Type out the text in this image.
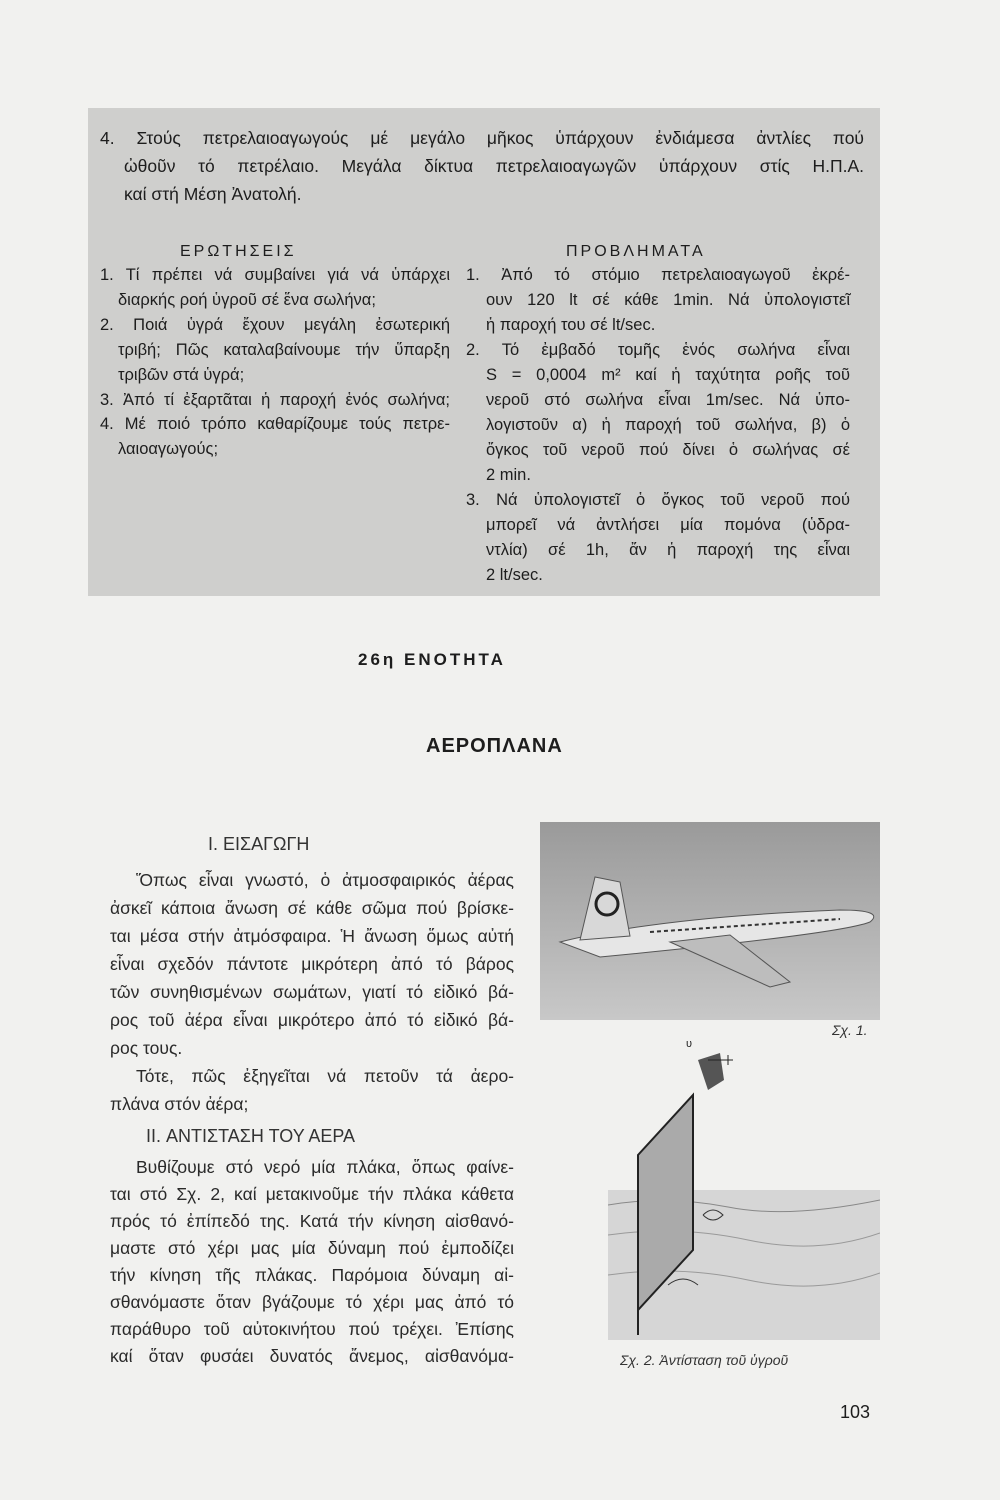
4. Στούς πετρελαιοαγωγούς μέ μεγάλο μῆκος ὑπάρχουν ἐνδιάμεσα ἀντλίες πού
ὠθοῦν τό πετρέλαιο. Μεγάλα δίκτυα πετρελαιοαγωγῶν ὑπάρχουν στίς Η.Π.Α.
καί στή Μέση Ἀνατολή.
ΕΡΩΤΗΣΕΙΣ
1. Τί πρέπει νά συμβαίνει γιά νά ὑπάρχει
διαρκής ροή ὑγροῦ σέ ἕνα σωλήνα;
2. Ποιά ὑγρά ἔχουν μεγάλη ἐσωτερική
τριβή; Πῶς καταλαβαίνουμε τήν ὕπαρξη
τριβῶν στά ὑγρά;
3. Ἀπό τί ἐξαρτᾶται ἡ παροχή ἑνός σωλήνα;
4. Μέ ποιό τρόπο καθαρίζουμε τούς πετρε-
λαιοαγωγούς;
ΠΡΟΒΛΗΜΑΤΑ
1. Ἀπό τό στόμιο πετρελαιοαγωγοῦ ἐκρέ-
ουν 120 lt σέ κάθε 1min. Νά ὑπολογιστεῖ
ἡ παροχή του σέ lt/sec.
2. Τό ἐμβαδό τομῆς ἑνός σωλήνα εἶναι
S = 0,0004 m² καί ἡ ταχύτητα ροῆς τοῦ
νεροῦ στό σωλήνα εἶναι 1m/sec. Νά ὑπο-
λογιστοῦν α) ἡ παροχή τοῦ σωλήνα, β) ὁ
ὄγκος τοῦ νεροῦ πού δίνει ὁ σωλήνας σέ
2 min.
3. Νά ὑπολογιστεῖ ὁ ὄγκος τοῦ νεροῦ πού
μπορεῖ νά ἀντλήσει μία πομόνα (ὑδρα-
ντλία) σέ 1h, ἄν ἡ παροχή της εἶναι
2 lt/sec.
26η ΕΝΟΤΗΤΑ
ΑΕΡΟΠΛΑΝΑ
I. ΕΙΣΑΓΩΓΗ
Ὅπως εἶναι γνωστό, ὁ ἀτμοσφαιρικός ἀέρας
ἀσκεῖ κάποια ἄνωση σέ κάθε σῶμα πού βρίσκε-
ται μέσα στήν ἀτμόσφαιρα. Ἡ ἄνωση ὅμως αὐτή
εἶναι σχεδόν πάντοτε μικρότερη ἀπό τό βάρος
τῶν συνηθισμένων σωμάτων, γιατί τό εἰδικό βά-
ρος τοῦ ἀέρα εἶναι μικρότερο ἀπό τό εἰδικό βά-
ρος τους.
Τότε, πῶς ἐξηγεῖται νά πετοῦν τά ἀερο-
πλάνα στόν ἀέρα;
II. ΑΝΤΙΣΤΑΣΗ ΤΟΥ ΑΕΡΑ
Βυθίζουμε στό νερό μία πλάκα, ὅπως φαίνε-
ται στό Σχ. 2, καί μετακινοῦμε τήν πλάκα κάθετα
πρός τό ἐπίπεδό της. Κατά τήν κίνηση αἰσθανό-
μαστε στό χέρι μας μία δύναμη πού ἐμποδίζει
τήν κίνηση τῆς πλάκας. Παρόμοια δύναμη αἰ-
σθανόμαστε ὅταν βγάζουμε τό χέρι μας ἀπό τό
παράθυρο τοῦ αὐτοκινήτου πού τρέχει. Ἐπίσης
καί ὅταν φυσάει δυνατός ἄνεμος, αἰσθανόμα-
Σχ. 1.
υ
Σχ. 2. Ἀντίσταση τοῦ ὑγροῦ
103
